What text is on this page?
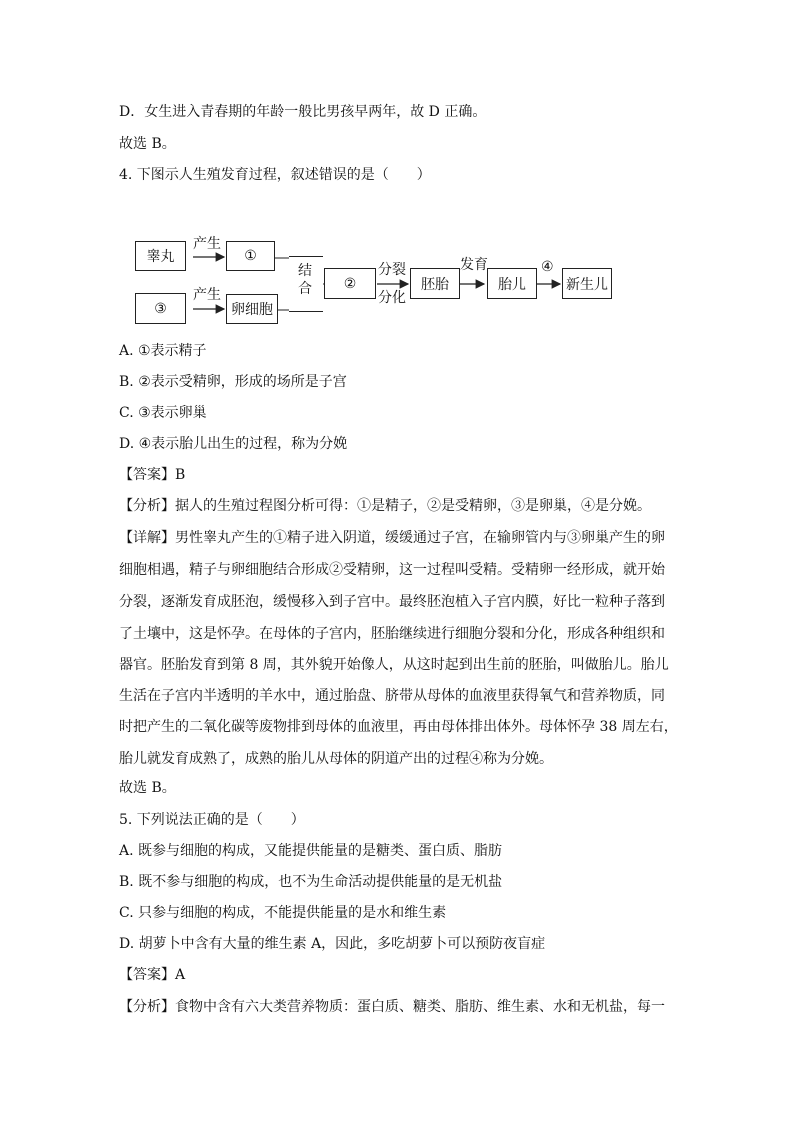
D．女生进入青春期的年龄一般比男孩早两年，故 D 正确。
故选 B。
4. 下图示人生殖发育过程，叙述错误的是（　　）
睾丸	①
③	卵细胞
②	胚胎	胎儿	新生儿
产生
产生
结合
分裂
分化
发育	④
A. ①表示精子
B. ②表示受精卵，形成的场所是子宫
C. ③表示卵巢
D. ④表示胎儿出生的过程，称为分娩
【答案】B
【分析】据人的生殖过程图分析可得：①是精子，②是受精卵，③是卵巢，④是分娩。
【详解】男性睾丸产生的①精子进入阴道，缓缓通过子宫，在输卵管内与③卵巢产生的卵
细胞相遇，精子与卵细胞结合形成②受精卵，这一过程叫受精。受精卵一经形成，就开始
分裂，逐渐发育成胚泡，缓慢移入到子宫中。最终胚泡植入子宫内膜，好比一粒种子落到
了土壤中，这是怀孕。在母体的子宫内，胚胎继续进行细胞分裂和分化，形成各种组织和
器官。胚胎发育到第 8 周，其外貌开始像人，从这时起到出生前的胚胎，叫做胎儿。胎儿
生活在子宫内半透明的羊水中，通过胎盘、脐带从母体的血液里获得氧气和营养物质，同
时把产生的二氧化碳等废物排到母体的血液里，再由母体排出体外。母体怀孕 38 周左右，
胎儿就发育成熟了，成熟的胎儿从母体的阴道产出的过程④称为分娩。
故选 B。
5. 下列说法正确的是（　　）
A. 既参与细胞的构成，又能提供能量的是糖类、蛋白质、脂肪
B. 既不参与细胞的构成，也不为生命活动提供能量的是无机盐
C. 只参与细胞的构成，不能提供能量的是水和维生素
D. 胡萝卜中含有大量的维生素 A，因此，多吃胡萝卜可以预防夜盲症
【答案】A
【分析】食物中含有六大类营养物质：蛋白质、糖类、脂肪、维生素、水和无机盐，每一
